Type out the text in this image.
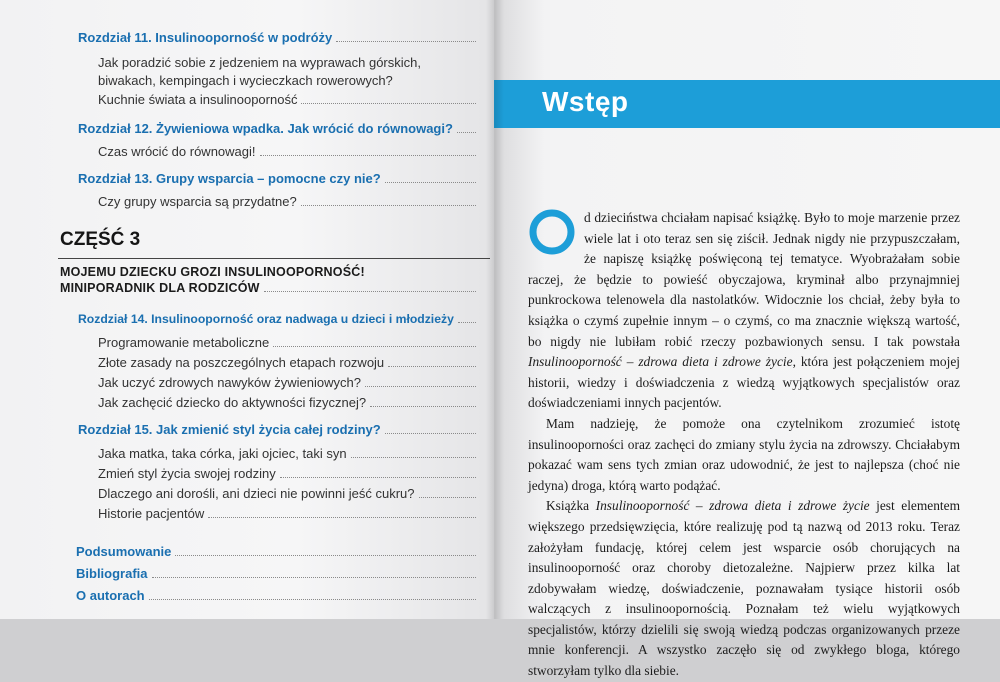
Rozdział 11. Insulinooporność w podróży
Jak poradzić sobie z jedzeniem na wyprawach górskich,
biwakach, kempingach i wycieczkach rowerowych?
Kuchnie świata a insulinooporność
Rozdział 12. Żywieniowa wpadka. Jak wrócić do równowagi?
Czas wrócić do równowagi!
Rozdział 13. Grupy wsparcia – pomocne czy nie?
Czy grupy wsparcia są przydatne?
CZĘŚĆ 3
MOJEMU DZIECKU GROZI INSULINOOPORNOŚĆ!
MINIPORADNIK DLA RODZICÓW
Rozdział 14. Insulinooporność oraz nadwaga u dzieci i młodzieży
Programowanie metaboliczne
Złote zasady na poszczególnych etapach rozwoju
Jak uczyć zdrowych nawyków żywieniowych?
Jak zachęcić dziecko do aktywności fizycznej?
Rozdział 15. Jak zmienić styl życia całej rodziny?
Jaka matka, taka córka, jaki ojciec, taki syn
Zmień styl życia swojej rodziny
Dlaczego ani dorośli, ani dzieci nie powinni jeść cukru?
Historie pacjentów
Podsumowanie
Bibliografia
O autorach
Wstęp

d dzieciństwa chciałam napisać książkę. Było to moje marzenie przez wiele lat i oto teraz sen się ziścił. Jednak nigdy nie przypuszczałam, że napiszę książkę poświęconą tej tematyce. Wyobrażałam sobie raczej, że będzie to powieść obyczajowa, kryminał albo przynajmniej punkrockowa telenowela dla nastolatków. Widocznie los chciał, żeby była to książka o czymś zupełnie innym – o czymś, co ma znacznie większą wartość, bo nigdy nie lubiłam robić rzeczy pozbawionych sensu. I tak powstała Insulinooporność – zdrowa dieta i zdrowe życie, która jest połączeniem mojej historii, wiedzy i doświadczenia z wiedzą wyjątkowych specjalistów oraz doświadczeniami innych pacjentów.

Mam nadzieję, że pomoże ona czytelnikom zrozumieć istotę insulinooporności oraz zachęci do zmiany stylu życia na zdrowszy. Chciałabym pokazać wam sens tych zmian oraz udowodnić, że jest to najlepsza (choć nie jedyna) droga, którą warto podążać.

Książka Insulinooporność – zdrowa dieta i zdrowe życie jest elementem większego przedsięwzięcia, które realizuję pod tą nazwą od 2013 roku. Teraz założyłam fundację, której celem jest wsparcie osób chorujących na insulinooporność oraz choroby dietozależne. Najpierw przez kilka lat zdobywałam wiedzę, doświadczenie, poznawałam tysiące historii osób walczących z insulinoopornością. Poznałam też wielu wyjątkowych specjalistów, którzy dzielili się swoją wiedzą podczas organizowanych przeze mnie konferencji. A wszystko zaczęło się od zwykłego bloga, którego stworzyłam tylko dla siebie.
